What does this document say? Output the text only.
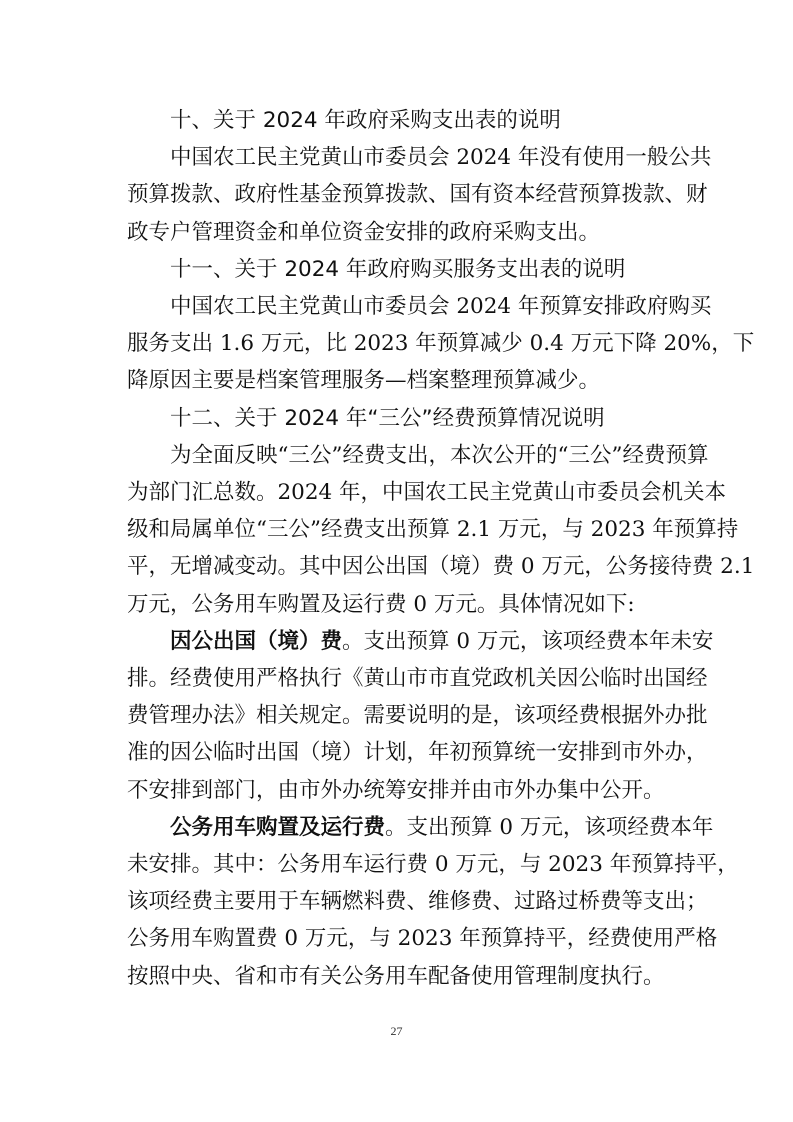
十、关于 2024 年政府采购支出表的说明
中国农工民主党黄山市委员会 2024 年没有使用一般公共
预算拨款、政府性基金预算拨款、国有资本经营预算拨款、财
政专户管理资金和单位资金安排的政府采购支出。
十一、关于 2024 年政府购买服务支出表的说明
中国农工民主党黄山市委员会 2024 年预算安排政府购买
服务支出 1.6 万元，比 2023 年预算减少 0.4 万元下降 20%，下
降原因主要是档案管理服务—档案整理预算减少。
十二、关于 2024 年“三公”经费预算情况说明
为全面反映“三公”经费支出，本次公开的“三公”经费预算
为部门汇总数。2024 年，中国农工民主党黄山市委员会机关本
级和局属单位“三公”经费支出预算 2.1 万元，与 2023 年预算持
平，无增减变动。其中因公出国（境）费 0 万元，公务接待费 2.1
万元，公务用车购置及运行费 0 万元。具体情况如下:
因公出国（境）费。支出预算 0 万元，该项经费本年未安
排。经费使用严格执行《黄山市市直党政机关因公临时出国经
费管理办法》相关规定。需要说明的是，该项经费根据外办批
准的因公临时出国（境）计划，年初预算统一安排到市外办，
不安排到部门，由市外办统筹安排并由市外办集中公开。
公务用车购置及运行费。支出预算 0 万元，该项经费本年
未安排。其中：公务用车运行费 0 万元，与 2023 年预算持平，
该项经费主要用于车辆燃料费、维修费、过路过桥费等支出；
27
公务用车购置费 0 万元，与 2023 年预算持平，经费使用严格
按照中央、省和市有关公务用车配备使用管理制度执行。
